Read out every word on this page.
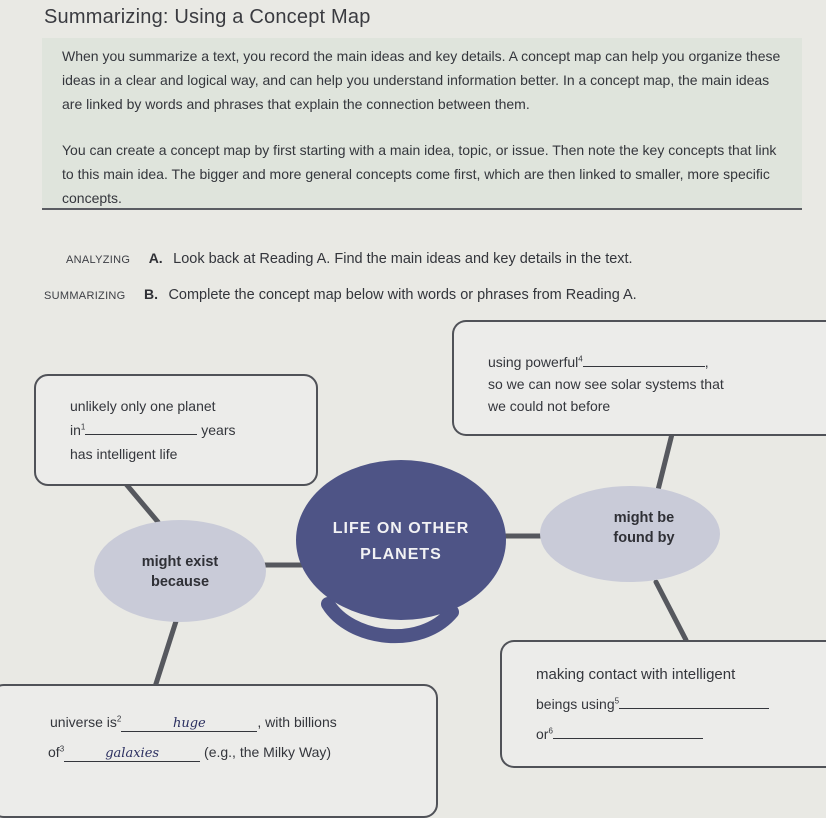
Summarizing: Using a Concept Map
When you summarize a text, you record the main ideas and key details. A concept map can help you organize these ideas in a clear and logical way, and can help you understand information better. In a concept map, the main ideas are linked by words and phrases that explain the connection between them.
You can create a concept map by first starting with a main idea, topic, or issue. Then note the key concepts that link to this main idea. The bigger and more general concepts come first, which are then linked to smaller, more specific concepts.
ANALYZING A. Look back at Reading A. Find the main ideas and key details in the text.
SUMMARIZING B. Complete the concept map below with words or phrases from Reading A.
using powerful$^4$	,
so we can now see solar systems that
we could not before
unlikely only one planet
$in^1$	years
has intelligent life
universe $is^2$	huge	, with billions
$of^3$	galaxies	(e.g., the Milky Way)
making contact with intelligent
beings using$^5$
$or^6$
might exist
because
might be
found by
LIFE ON OTHER
PLANETS
